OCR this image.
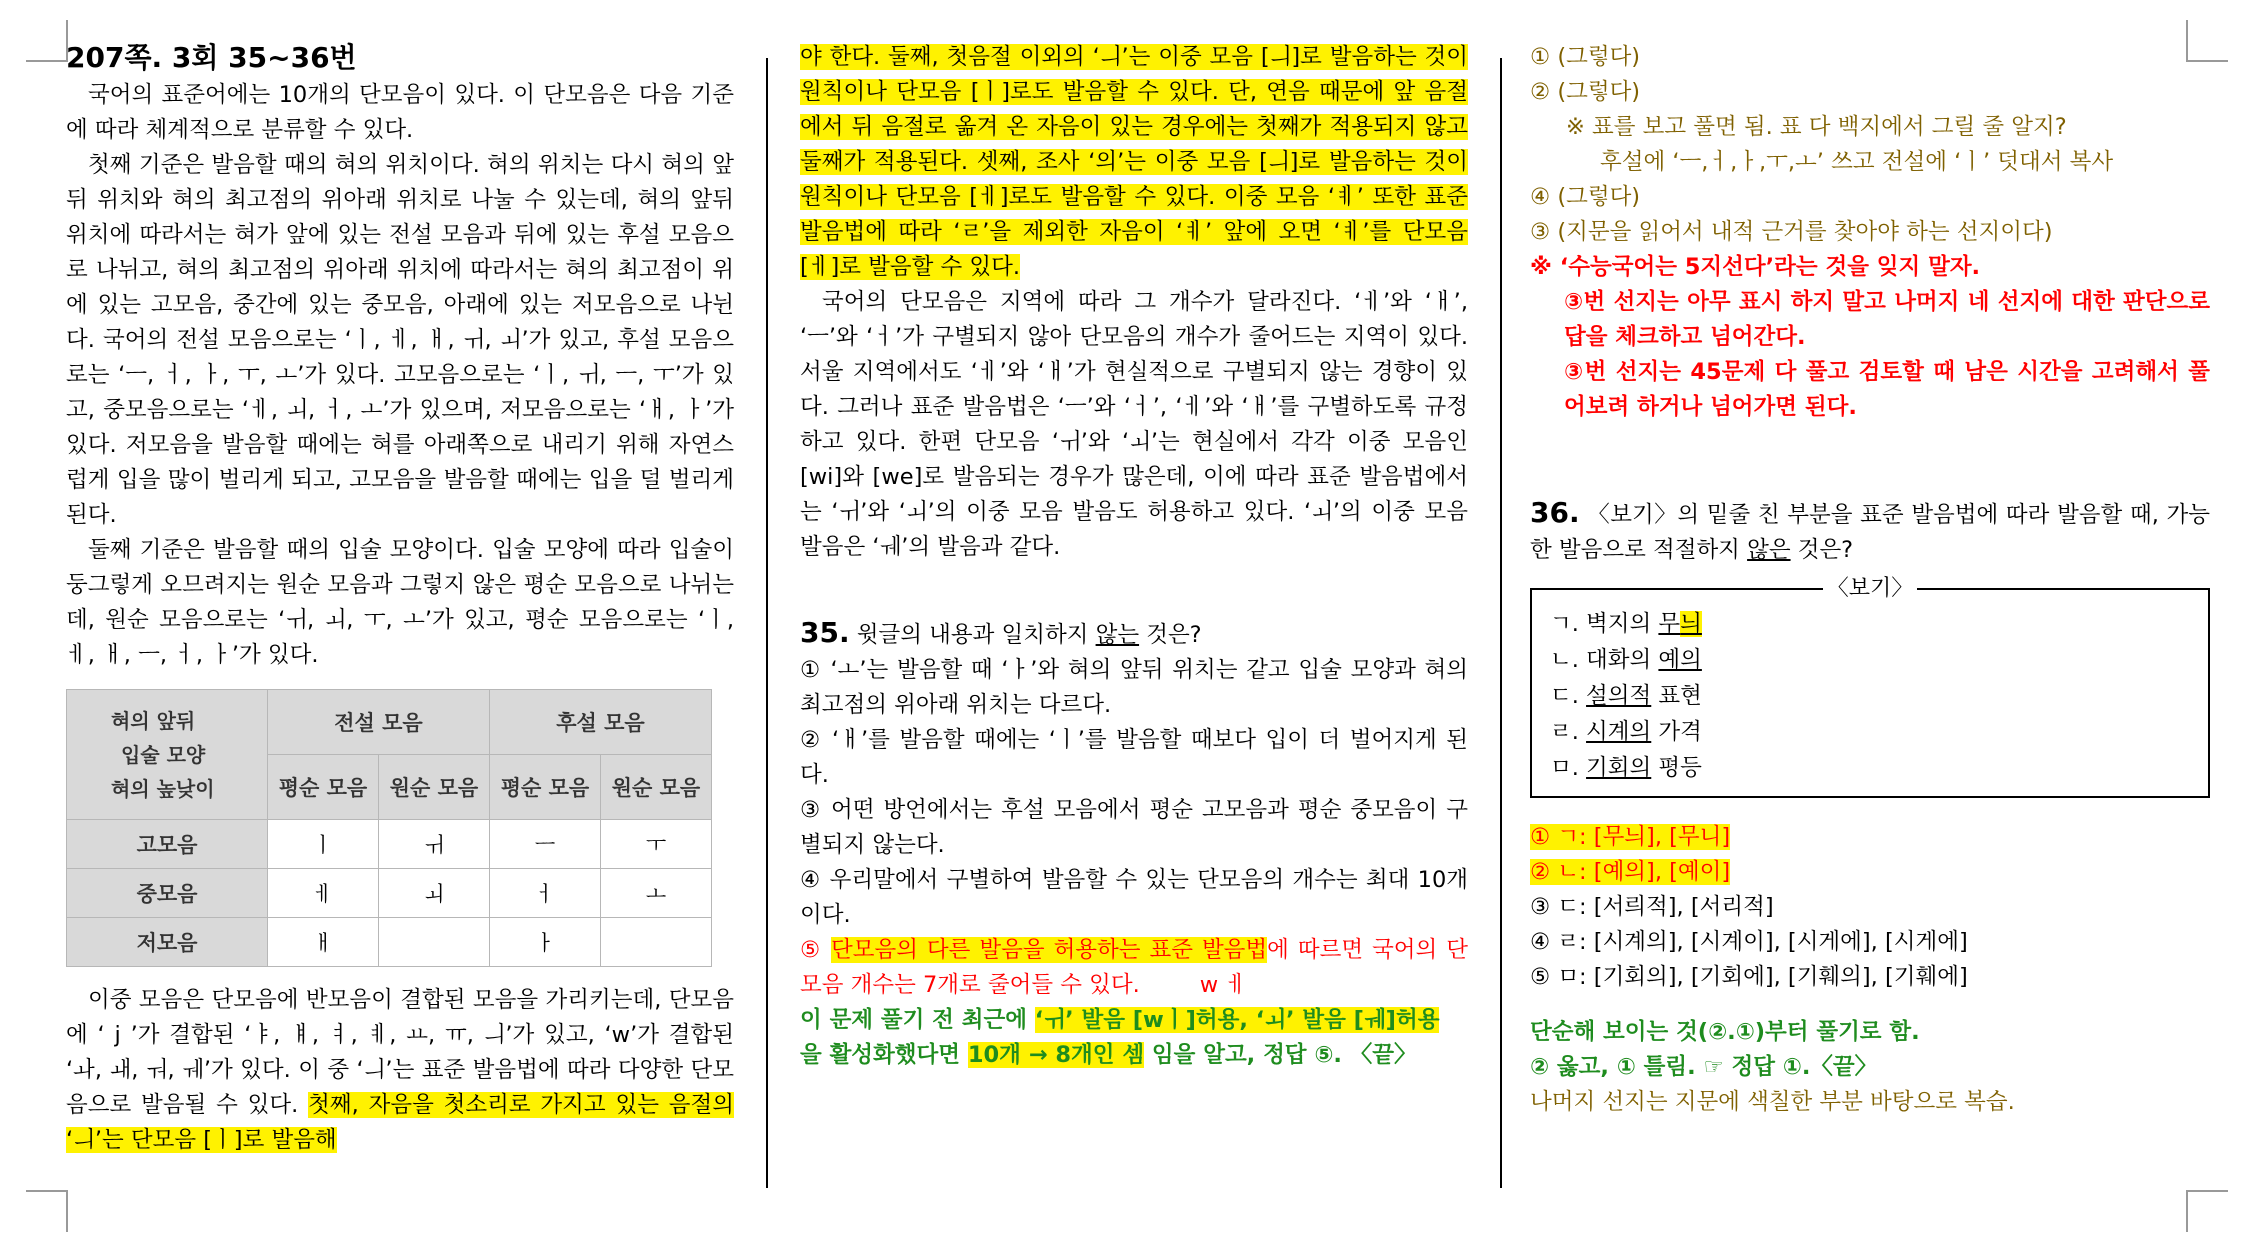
207쪽. 3회 35~36번

국어의 표준어에는 10개의 단모음이 있다. 이 단모음은 다음 기준에 따라 체계적으로 분류할 수 있다.

첫째 기준은 발음할 때의 혀의 위치이다. 혀의 위치는 다시 혀의 앞뒤 위치와 혀의 최고점의 위아래 위치로 나눌 수 있는데, 혀의 앞뒤 위치에 따라서는 혀가 앞에 있는 전설 모음과 뒤에 있는 후설 모음으로 나뉘고, 혀의 최고점의 위아래 위치에 따라서는 혀의 최고점이 위에 있는 고모음, 중간에 있는 중모음, 아래에 있는 저모음으로 나뉜다. 국어의 전설 모음으로는 ‘ㅣ, ㅔ, ㅐ, ㅟ, ㅚ’가 있고, 후설 모음으로는 ‘ㅡ, ㅓ, ㅏ, ㅜ, ㅗ’가 있다. 고모음으로는 ‘ㅣ, ㅟ, ㅡ, ㅜ’가 있고, 중모음으로는 ‘ㅔ, ㅚ, ㅓ, ㅗ’가 있으며, 저모음으로는 ‘ㅐ, ㅏ’가 있다. 저모음을 발음할 때에는 혀를 아래쪽으로 내리기 위해 자연스럽게 입을 많이 벌리게 되고, 고모음을 발음할 때에는 입을 덜 벌리게 된다.

둘째 기준은 발음할 때의 입술 모양이다. 입술 모양에 따라 입술이 둥그렇게 오므려지는 원순 모음과 그렇지 않은 평순 모음으로 나뉘는데, 원순 모음으로는 ‘ㅟ, ㅚ, ㅜ, ㅗ’가 있고, 평순 모음으로는 ‘ㅣ, ㅔ, ㅐ, ㅡ, ㅓ, ㅏ’가 있다.

혀의 앞뒤
입술 모양
혀의 높낮이	전설 모음		후설 모음	
	평순 모음	원순 모음	평순 모음	원순 모음
고모음	ㅣ	ㅟ	ㅡ	ㅜ
중모음	ㅔ	ㅚ	ㅓ	ㅗ
저모음	ㅐ		ㅏ	

이중 모음은 단모음에 반모음이 결합된 모음을 가리키는데, 단모음에 ‘ j ’가 결합된 ‘ㅑ, ㅒ, ㅕ, ㅖ, ㅛ, ㅠ, ㅢ’가 있고, ‘w’가 결합된 ‘ㅘ, ㅙ, ㅝ, ㅞ’가 있다. 이 중 ‘ㅢ’는 표준 발음법에 따라 다양한 단모음으로 발음될 수 있다. 첫째, 자음을 첫소리로 가지고 있는 음절의 ‘ㅢ’는 단모음 [ㅣ]로 발음해

야 한다. 둘째, 첫음절 이외의 ‘ㅢ’는 이중 모음 [ㅢ]로 발음하는 것이 원칙이나 단모음 [ㅣ]로도 발음할 수 있다. 단, 연음 때문에 앞 음절에서 뒤 음절로 옮겨 온 자음이 있는 경우에는 첫째가 적용되지 않고 둘째가 적용된다. 셋째, 조사 ‘의’는 이중 모음 [ㅢ]로 발음하는 것이 원칙이나 단모음 [ㅔ]로도 발음할 수 있다. 이중 모음 ‘ㅖ’ 또한 표준 발음법에 따라 ‘ㄹ’을 제외한 자음이 ‘ㅖ’ 앞에 오면 ‘ㅖ’를 단모음 [ㅔ]로 발음할 수 있다.

국어의 단모음은 지역에 따라 그 개수가 달라진다. ‘ㅔ’와 ‘ㅐ’, ‘ㅡ’와 ‘ㅓ’가 구별되지 않아 단모음의 개수가 줄어드는 지역이 있다. 서울 지역에서도 ‘ㅔ’와 ‘ㅐ’가 현실적으로 구별되지 않는 경향이 있다. 그러나 표준 발음법은 ‘ㅡ’와 ‘ㅓ’, ‘ㅔ’와 ‘ㅐ’를 구별하도록 규정하고 있다. 한편 단모음 ‘ㅟ’와 ‘ㅚ’는 현실에서 각각 이중 모음인 [wi]와 [we]로 발음되는 경우가 많은데, 이에 따라 표준 발음법에서는 ‘ㅟ’와 ‘ㅚ’의 이중 모음 발음도 허용하고 있다. ‘ㅚ’의 이중 모음 발음은 ‘ㅞ’의 발음과 같다.

35. 윗글의 내용과 일치하지 않는 것은?

① ‘ㅗ’는 발음할 때 ‘ㅏ’와 혀의 앞뒤 위치는 같고 입술 모양과 혀의 최고점의 위아래 위치는 다르다.

② ‘ㅐ’를 발음할 때에는 ‘ㅣ’를 발음할 때보다 입이 더 벌어지게 된다.

③ 어떤 방언에서는 후설 모음에서 평순 고모음과 평순 중모음이 구별되지 않는다.

④ 우리말에서 구별하여 발음할 수 있는 단모음의 개수는 최대 10개이다.

⑤ 단모음의 다른 발음을 허용하는 표준 발음법에 따르면 국어의 단모음 개수는 7개로 줄어들 수 있다.	w ㅔ

이 문제 풀기 전 최근에 ‘ㅟ’ 발음 [wㅣ]허용, ‘ㅚ’ 발음 [ㅞ]허용

을 활성화했다면 10개 → 8개인 셈 임을 알고, 정답 ⑤. 〈끝〉

① (그렇다)

② (그렇다)

※ 표를 보고 풀면 됨. 표 다 백지에서 그릴 줄 알지?

후설에 ‘ㅡ,ㅓ,ㅏ,ㅜ,ㅗ’ 쓰고 전설에 ‘ㅣ’ 덧대서 복사

④ (그렇다)

③ (지문을 읽어서 내적 근거를 찾아야 하는 선지이다)

※ ‘수능국어는 5지선다’라는 것을 잊지 말자.

③번 선지는 아무 표시 하지 말고 나머지 네 선지에 대한 판단으로 답을 체크하고 넘어간다.

③번 선지는 45문제 다 풀고 검토할 때 남은 시간을 고려해서 풀어보려 하거나 넘어가면 된다.

36. 〈보기〉의 밑줄 친 부분을 표준 발음법에 따라 발음할 때, 가능한 발음으로 적절하지 않은 것은?

〈보기〉
ㄱ. 벽지의 무늬
ㄴ. 대화의 예의
ㄷ. 설의적 표현
ㄹ. 시계의 가격
ㅁ. 기회의 평등

① ㄱ: [무늬], [무니]

② ㄴ: [예의], [예이]

③ ㄷ: [서릐적], [서리적]

④ ㄹ: [시계의], [시계이], [시게에], [시게에]

⑤ ㅁ: [기회의], [기회에], [기훼의], [기훼에]

단순해 보이는 것(②.①)부터 풀기로 함.

② 옳고, ① 틀림. ☞ 정답 ①.〈끝〉

나머지 선지는 지문에 색칠한 부분 바탕으로 복습.
